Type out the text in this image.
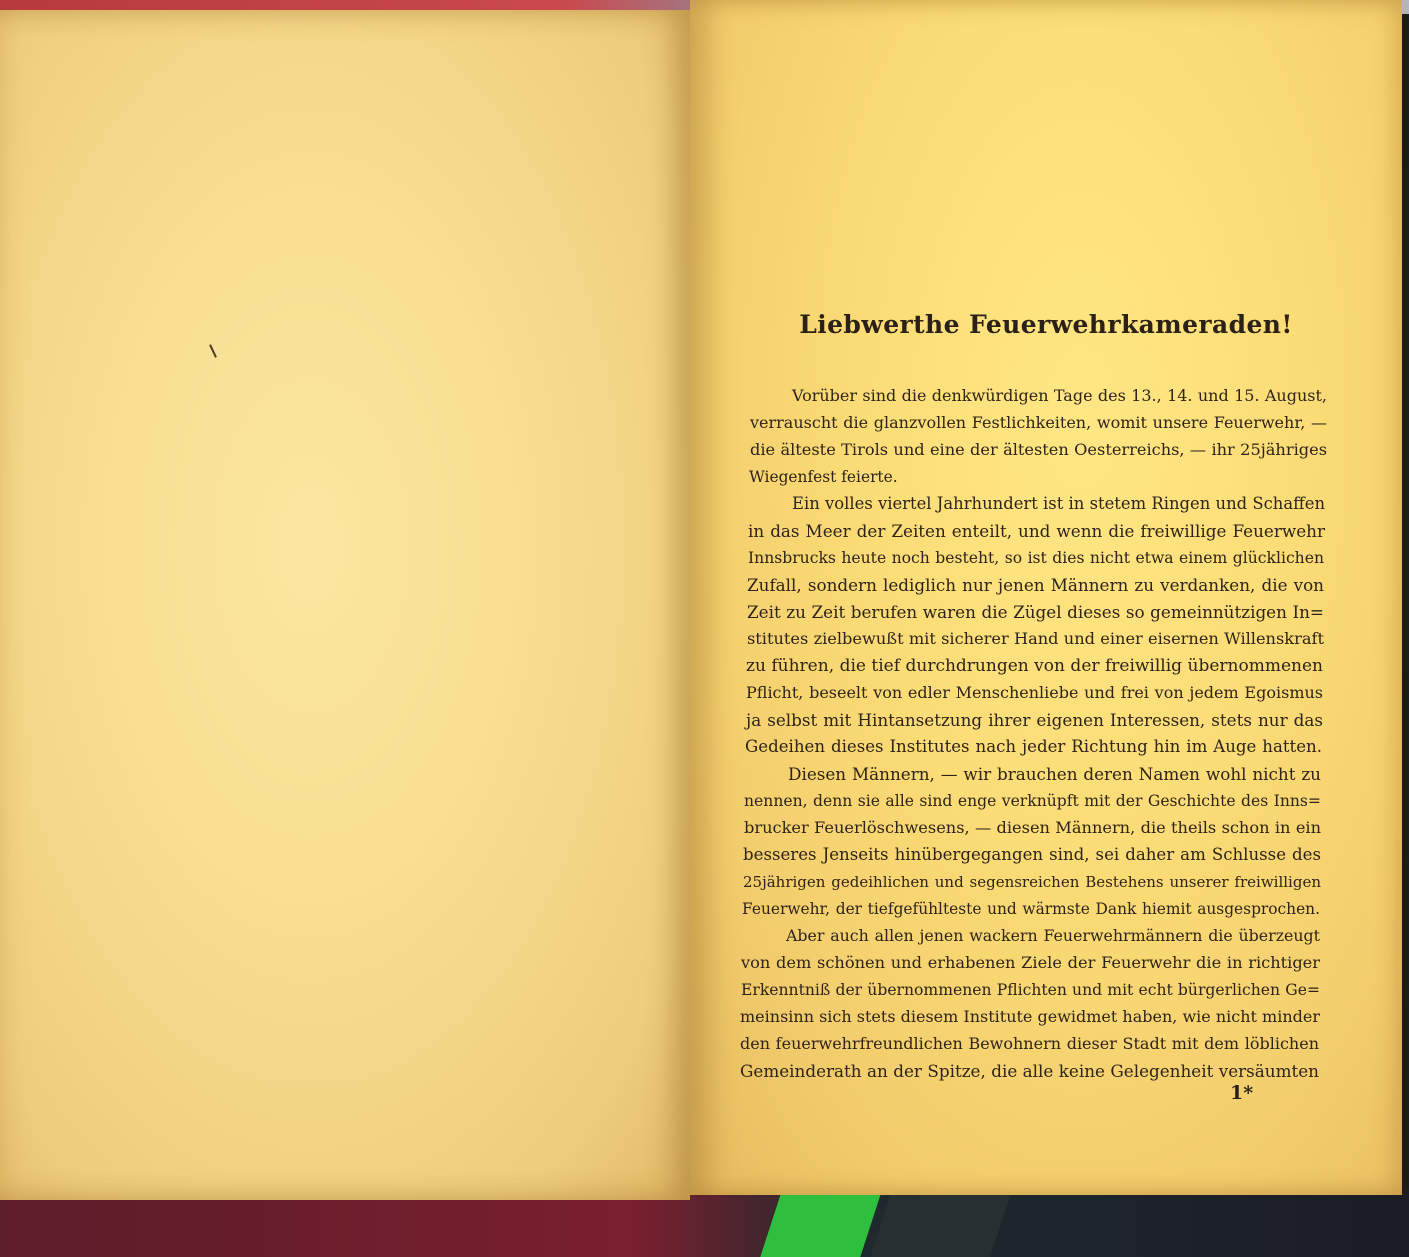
Liebwerthe Feuerwehrkameraden!
Vorüber sind die denkwürdigen Tage des 13., 14. und 15. August,
verrauscht die glanzvollen Festlichkeiten, womit unsere Feuerwehr, —
die älteste Tirols und eine der ältesten Oesterreichs, — ihr 25jähriges
Wiegenfest feierte.
Ein volles viertel Jahrhundert ist in stetem Ringen und Schaffen
in das Meer der Zeiten enteilt, und wenn die freiwillige Feuerwehr
Innsbrucks heute noch besteht, so ist dies nicht etwa einem glücklichen
Zufall, sondern lediglich nur jenen Männern zu verdanken, die von
Zeit zu Zeit berufen waren die Zügel dieses so gemeinnützigen In=
stitutes zielbewußt mit sicherer Hand und einer eisernen Willenskraft
zu führen, die tief durchdrungen von der freiwillig übernommenen
Pflicht, beseelt von edler Menschenliebe und frei von jedem Egoismus
ja selbst mit Hintansetzung ihrer eigenen Interessen, stets nur das
Gedeihen dieses Institutes nach jeder Richtung hin im Auge hatten.
Diesen Männern, — wir brauchen deren Namen wohl nicht zu
nennen, denn sie alle sind enge verknüpft mit der Geschichte des Inns=
brucker Feuerlöschwesens, — diesen Männern, die theils schon in ein
besseres Jenseits hinübergegangen sind, sei daher am Schlusse des
25jährigen gedeihlichen und segensreichen Bestehens unserer freiwilligen
Feuerwehr, der tiefgefühlteste und wärmste Dank hiemit ausgesprochen.
Aber auch allen jenen wackern Feuerwehrmännern die überzeugt
von dem schönen und erhabenen Ziele der Feuerwehr die in richtiger
Erkenntniß der übernommenen Pflichten und mit echt bürgerlichen Ge=
meinsinn sich stets diesem Institute gewidmet haben, wie nicht minder
den feuerwehrfreundlichen Bewohnern dieser Stadt mit dem löblichen
Gemeinderath an der Spitze, die alle keine Gelegenheit versäumten
1*
